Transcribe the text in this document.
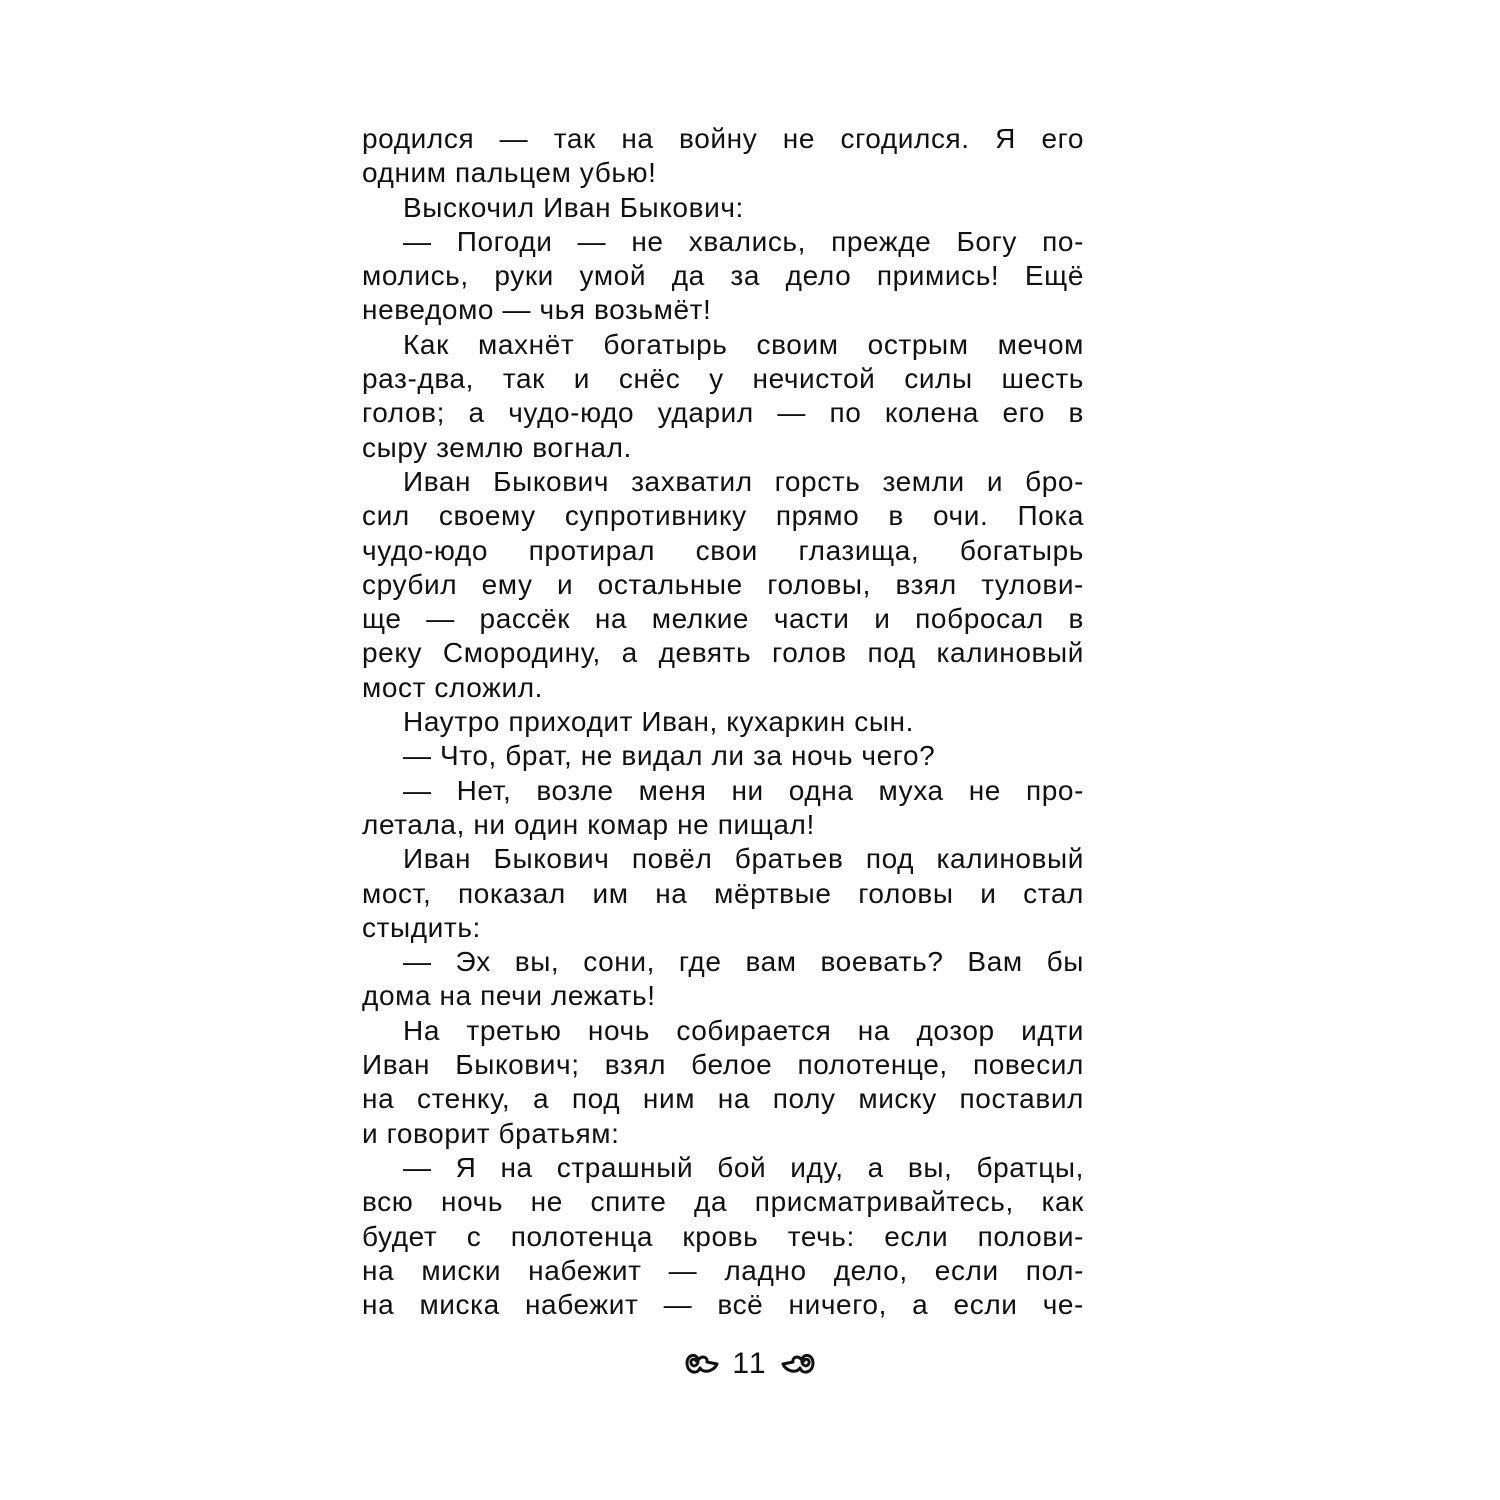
родился — так на войну не сгодился. Я его
одним пальцем убью!
Выскочил Иван Быкович:
— Погоди — не хвались, прежде Богу по-
молись, руки умой да за дело примись! Ещё
неведомо — чья возьмёт!
Как махнёт богатырь своим острым мечом
раз-два, так и снёс у нечистой силы шесть
голов; а чудо-юдо ударил — по колена его в
сыру землю вогнал.
Иван Быкович захватил горсть земли и бро-
сил своему супротивнику прямо в очи. Пока
чудо-юдо протирал свои глазища, богатырь
срубил ему и остальные головы, взял тулови-
ще — рассёк на мелкие части и побросал в
реку Смородину, а девять голов под калиновый
мост сложил.
Наутро приходит Иван, кухаркин сын.
— Что, брат, не видал ли за ночь чего?
— Нет, возле меня ни одна муха не про-
летала, ни один комар не пищал!
Иван Быкович повёл братьев под калиновый
мост, показал им на мёртвые головы и стал
стыдить:
— Эх вы, сони, где вам воевать? Вам бы
дома на печи лежать!
На третью ночь собирается на дозор идти
Иван Быкович; взял белое полотенце, повесил
на стенку, а под ним на полу миску поставил
и говорит братьям:
— Я на страшный бой иду, а вы, братцы,
всю ночь не спите да присматривайтесь, как
будет с полотенца кровь течь: если полови-
на миски набежит — ладно дело, если пол-
на миска набежит — всё ничего, а если че-
11
